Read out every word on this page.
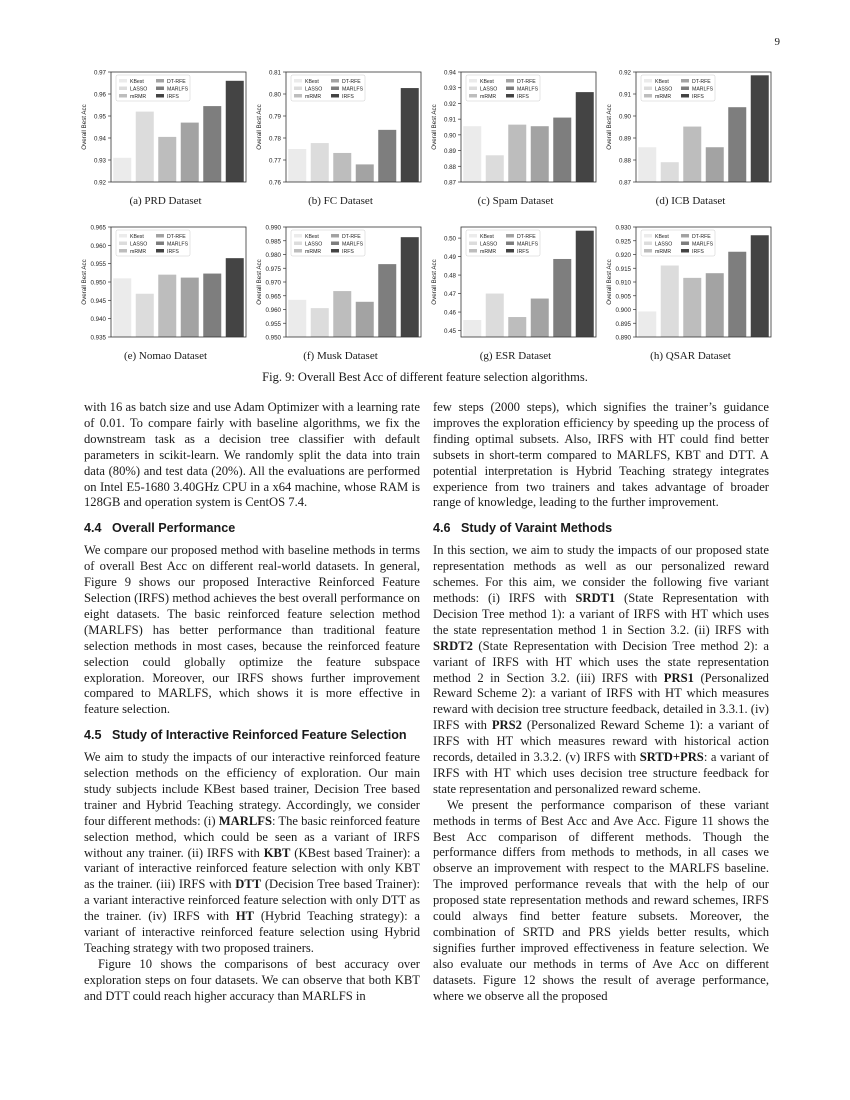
9
0.92
0.93
0.94
0.95
0.96
0.97
Overall Best Acc
KBest
LASSO
mRMR
DT-RFE
MARLFS
IRFS
(a) PRD Dataset
0.76
0.77
0.78
0.79
0.80
0.81
Overall Best Acc
KBest
LASSO
mRMR
DT-RFE
MARLFS
IRFS
(b) FC Dataset
0.87
0.88
0.89
0.90
0.91
0.92
0.93
0.94
Overall Best Acc
KBest
LASSO
mRMR
DT-RFE
MARLFS
IRFS
(c) Spam Dataset
0.87
0.88
0.89
0.90
0.91
0.92
Overall Best Acc
KBest
LASSO
mRMR
DT-RFE
MARLFS
IRFS
(d) ICB Dataset
0.935
0.940
0.945
0.950
0.955
0.960
0.965
Overall Best Acc
KBest
LASSO
mRMR
DT-RFE
MARLFS
IRFS
(e) Nomao Dataset
0.950
0.955
0.960
0.965
0.970
0.975
0.980
0.985
0.990
Overall Best Acc
KBest
LASSO
mRMR
DT-RFE
MARLFS
IRFS
(f) Musk Dataset
0.45
0.46
0.47
0.48
0.49
0.50
Overall Best Acc
KBest
LASSO
mRMR
DT-RFE
MARLFS
IRFS
(g) ESR Dataset
0.890
0.895
0.900
0.905
0.910
0.915
0.920
0.925
0.930
Overall Best Acc
KBest
LASSO
mRMR
DT-RFE
MARLFS
IRFS
(h) QSAR Dataset
Fig. 9: Overall Best Acc of different feature selection algorithms.

with 16 as batch size and use Adam Optimizer with a learning rate of 0.01. To compare fairly with baseline algorithms, we fix the downstream task as a decision tree classifier with default parameters in scikit-learn. We randomly split the data into train data (80%) and test data (20%). All the evaluations are performed on Intel E5-1680 3.40GHz CPU in a x64 machine, whose RAM is 128GB and operation system is CentOS 7.4.

4.4 Overall Performance

We compare our proposed method with baseline methods in terms of overall Best Acc on different real-world datasets. In general, Figure 9 shows our proposed Interactive Reinforced Feature Selection (IRFS) method achieves the best overall performance on eight datasets. The basic reinforced feature selection method (MARLFS) has better performance than traditional feature selection methods in most cases, because the reinforced feature selection could globally optimize the feature subspace exploration. Moreover, our IRFS shows further improvement compared to MARLFS, which shows it is more effective in feature selection.

4.5 Study of Interactive Reinforced Feature Selection

We aim to study the impacts of our interactive reinforced feature selection methods on the efficiency of exploration. Our main study subjects include KBest based trainer, Decision Tree based trainer and Hybrid Teaching strategy. Accordingly, we consider four different methods: (i) MARLFS: The basic reinforced feature selection method, which could be seen as a variant of IRFS without any trainer. (ii) IRFS with KBT (KBest based Trainer): a variant of interactive reinforced feature selection with only KBT as the trainer. (iii) IRFS with DTT (Decision Tree based Trainer): a variant interactive reinforced feature selection with only DTT as the trainer. (iv) IRFS with HT (Hybrid Teaching strategy): a variant of interactive reinforced feature selection using Hybrid Teaching strategy with two proposed trainers.

Figure 10 shows the comparisons of best accuracy over exploration steps on four datasets. We can observe that both KBT and DTT could reach higher accuracy than MARLFS in

few steps (2000 steps), which signifies the trainer’s guidance improves the exploration efficiency by speeding up the process of finding optimal subsets. Also, IRFS with HT could find better subsets in short-term compared to MARLFS, KBT and DTT. A potential interpretation is Hybrid Teaching strategy integrates experience from two trainers and takes advantage of broader range of knowledge, leading to the further improvement.

4.6 Study of Varaint Methods

In this section, we aim to study the impacts of our proposed state representation methods as well as our personalized reward schemes. For this aim, we consider the following five variant methods: (i) IRFS with SRDT1 (State Representation with Decision Tree method 1): a variant of IRFS with HT which uses the state representation method 1 in Section 3.2. (ii) IRFS with SRDT2 (State Representation with Decision Tree method 2): a variant of IRFS with HT which uses the state representation method 2 in Section 3.2. (iii) IRFS with PRS1 (Personalized Reward Scheme 2): a variant of IRFS with HT which measures reward with decision tree structure feedback, detailed in 3.3.1. (iv) IRFS with PRS2 (Personalized Reward Scheme 1): a variant of IRFS with HT which measures reward with historical action records, detailed in 3.3.2. (v) IRFS with SRTD+PRS: a variant of IRFS with HT which uses decision tree structure feedback for state representation and personalized reward scheme.

We present the performance comparison of these variant methods in terms of Best Acc and Ave Acc. Figure 11 shows the Best Acc comparison of different methods. Though the performance differs from methods to methods, in all cases we observe an improvement with respect to the MARLFS baseline. The improved performance reveals that with the help of our proposed state representation methods and reward schemes, IRFS could always find better feature subsets. Moreover, the combination of SRTD and PRS yields better results, which signifies further improved effectiveness in feature selection. We also evaluate our methods in terms of Ave Acc on different datasets. Figure 12 shows the result of average performance, where we observe all the proposed
